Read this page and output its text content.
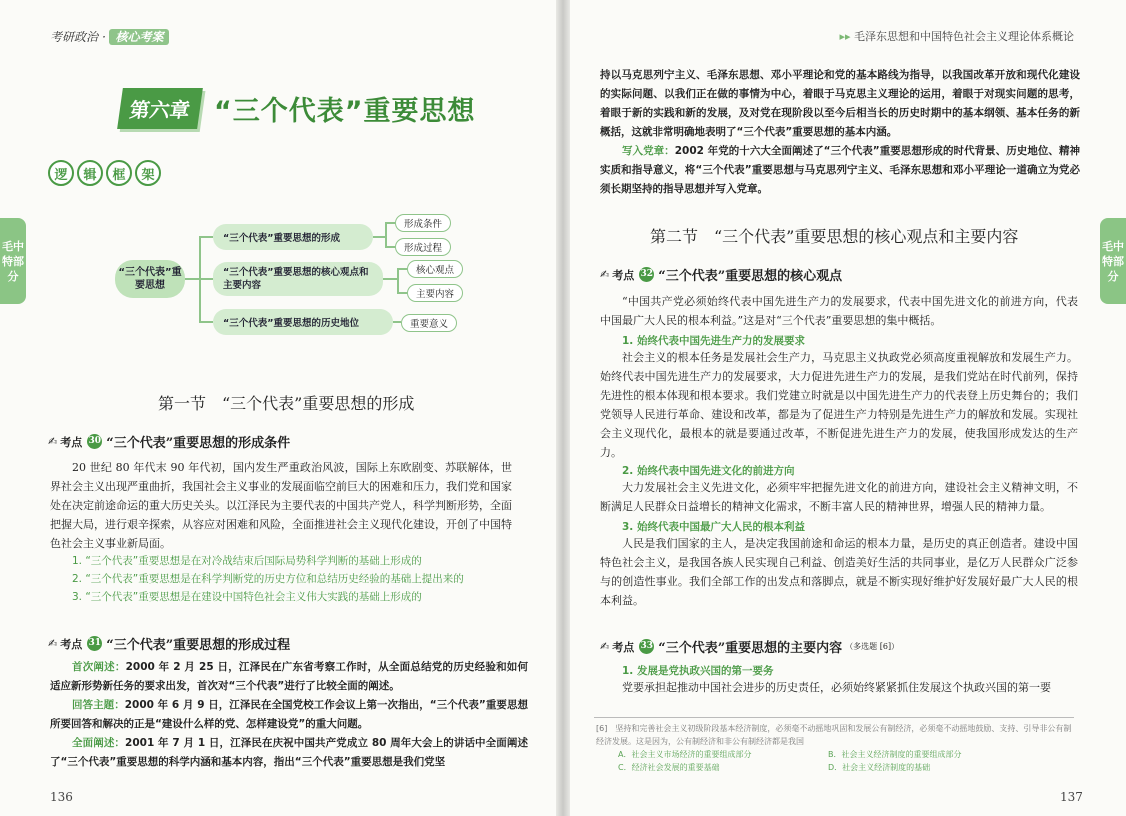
考研政治 · 核心考案
毛中特部分
第六章 “三个代表”重要思想
逻	辑	框	架
“三个代表”重要思想
“三个代表”重要思想的形成
“三个代表”重要思想的核心观点和主要内容
“三个代表”重要思想的历史地位
形成条件
形成过程
核心观点
主要内容
重要意义
第一节　“三个代表”重要思想的形成
✍ 考点 30 “三个代表”重要思想的形成条件
20 世纪 80 年代末 90 年代初，国内发生严重政治风波，国际上东欧剧变、苏联解体，世界社会主义出现严重曲折，我国社会主义事业的发展面临空前巨大的困难和压力，我们党和国家处在决定前途命运的重大历史关头。以江泽民为主要代表的中国共产党人，科学判断形势，全面把握大局，进行艰辛探索，从容应对困难和风险，全面推进社会主义现代化建设，开创了中国特色社会主义事业新局面。
1. “三个代表”重要思想是在对冷战结束后国际局势科学判断的基础上形成的
2. “三个代表”重要思想是在科学判断党的历史方位和总结历史经验的基础上提出来的
3. “三个代表”重要思想是在建设中国特色社会主义伟大实践的基础上形成的
✍ 考点 31 “三个代表”重要思想的形成过程
首次阐述：2000 年 2 月 25 日，江泽民在广东省考察工作时，从全面总结党的历史经验和如何适应新形势新任务的要求出发，首次对“三个代表”进行了比较全面的阐述。
回答主题：2000 年 6 月 9 日，江泽民在全国党校工作会议上第一次指出，“三个代表”重要思想所要回答和解决的正是“建设什么样的党、怎样建设党”的重大问题。
全面阐述：2001 年 7 月 1 日，江泽民在庆祝中国共产党成立 80 周年大会上的讲话中全面阐述了“三个代表”重要思想的科学内涵和基本内容，指出“三个代表”重要思想是我们党坚
136
▸▸ 毛泽东思想和中国特色社会主义理论体系概论
毛中特部分
持以马克思列宁主义、毛泽东思想、邓小平理论和党的基本路线为指导，以我国改革开放和现代化建设的实际问题、以我们正在做的事情为中心，着眼于马克思主义理论的运用，着眼于对现实问题的思考，着眼于新的实践和新的发展，及对党在现阶段以至今后相当长的历史时期中的基本纲领、基本任务的新概括，这就非常明确地表明了“三个代表”重要思想的基本内涵。
写入党章：2002 年党的十六大全面阐述了“三个代表”重要思想形成的时代背景、历史地位、精神实质和指导意义，将“三个代表”重要思想与马克思列宁主义、毛泽东思想和邓小平理论一道确立为党必须长期坚持的指导思想并写入党章。
第二节　“三个代表”重要思想的核心观点和主要内容
✍ 考点 32 “三个代表”重要思想的核心观点
“中国共产党必须始终代表中国先进生产力的发展要求，代表中国先进文化的前进方向，代表中国最广大人民的根本利益。”这是对“三个代表”重要思想的集中概括。
1. 始终代表中国先进生产力的发展要求
社会主义的根本任务是发展社会生产力，马克思主义执政党必须高度重视解放和发展生产力。始终代表中国先进生产力的发展要求，大力促进先进生产力的发展，是我们党站在时代前列，保持先进性的根本体现和根本要求。我们党建立时就是以中国先进生产力的代表登上历史舞台的；我们党领导人民进行革命、建设和改革，都是为了促进生产力特别是先进生产力的解放和发展。实现社会主义现代化，最根本的就是要通过改革，不断促进先进生产力的发展，使我国形成发达的生产力。
2. 始终代表中国先进文化的前进方向
大力发展社会主义先进文化，必须牢牢把握先进文化的前进方向，建设社会主义精神文明，不断满足人民群众日益增长的精神文化需求，不断丰富人民的精神世界，增强人民的精神力量。
3. 始终代表中国最广大人民的根本利益
人民是我们国家的主人，是决定我国前途和命运的根本力量，是历史的真正创造者。建设中国特色社会主义，是我国各族人民实现自己利益、创造美好生活的共同事业，是亿万人民群众广泛参与的创造性事业。我们全部工作的出发点和落脚点，就是不断实现好维护好发展好最广大人民的根本利益。
✍ 考点 33 “三个代表”重要思想的主要内容 （多选题 [6]）
1. 发展是党执政兴国的第一要务
党要承担起推动中国社会进步的历史责任，必须始终紧紧抓住发展这个执政兴国的第一要
137
[6]　坚持和完善社会主义初级阶段基本经济制度，必须毫不动摇地巩固和发展公有制经济，必须毫不动摇地鼓励、支持、引导非公有制经济发展。这是因为，公有制经济和非公有制经济都是我国
A．社会主义市场经济的重要组成部分	B．社会主义经济制度的重要组成部分
C．经济社会发展的重要基础	D．社会主义经济制度的基础
